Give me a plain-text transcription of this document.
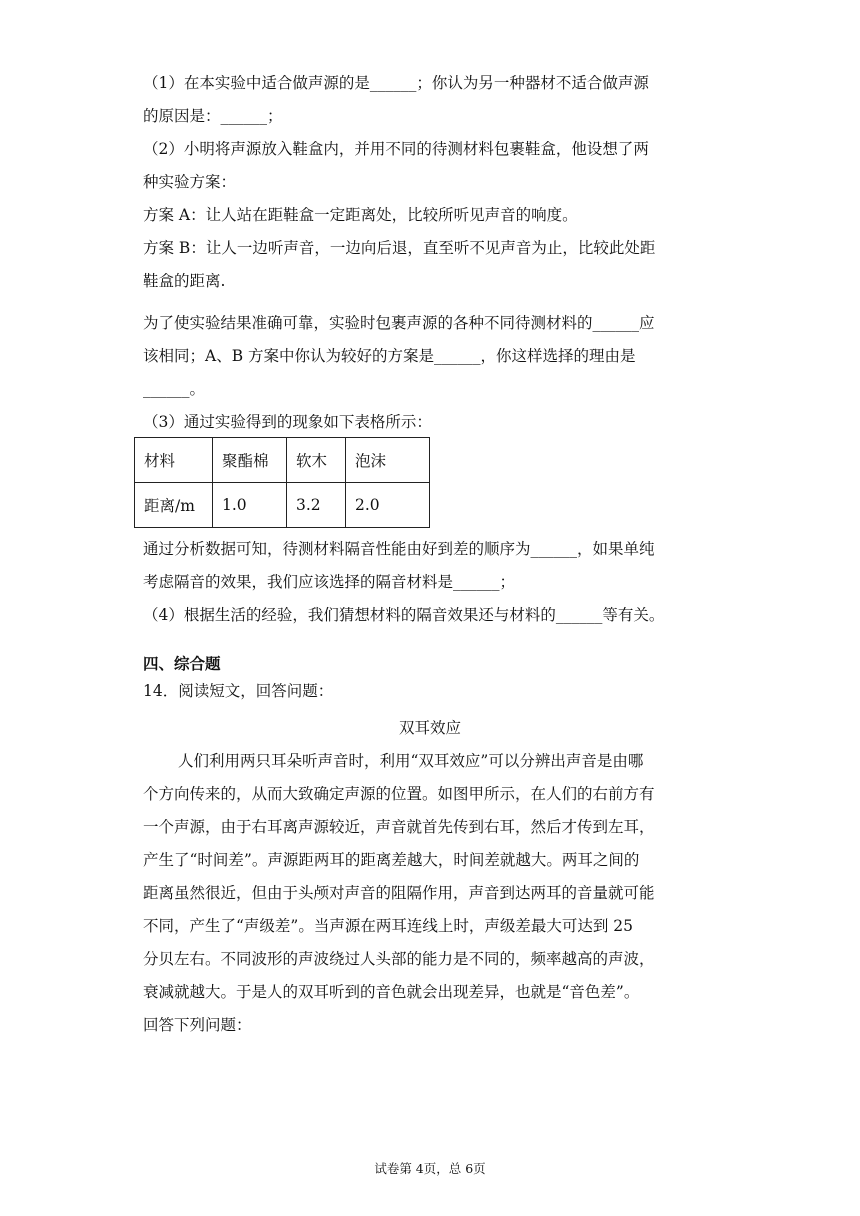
（1）在本实验中适合做声源的是______；你认为另一种器材不适合做声源
的原因是：______；
（2）小明将声源放入鞋盒内，并用不同的待测材料包裹鞋盒，他设想了两
种实验方案：
方案 A：让人站在距鞋盒一定距离处，比较所听见声音的响度。
方案 B：让人一边听声音，一边向后退，直至听不见声音为止，比较此处距
鞋盒的距离.
为了使实验结果准确可靠，实验时包裹声源的各种不同待测材料的______应
该相同；A、B 方案中你认为较好的方案是______，你这样选择的理由是
______。
（3）通过实验得到的现象如下表格所示：
材料	聚酯棉	软木	泡沫
距离/m	1.0	3.2	2.0
通过分析数据可知，待测材料隔音性能由好到差的顺序为______，如果单纯
考虑隔音的效果，我们应该选择的隔音材料是______；
（4）根据生活的经验，我们猜想材料的隔音效果还与材料的______等有关。
四、综合题
14．阅读短文，回答问题：
双耳效应
人们利用两只耳朵听声音时，利用“双耳效应”可以分辨出声音是由哪
个方向传来的，从而大致确定声源的位置。如图甲所示，在人们的右前方有
一个声源，由于右耳离声源较近，声音就首先传到右耳，然后才传到左耳，
产生了“时间差”。声源距两耳的距离差越大，时间差就越大。两耳之间的
距离虽然很近，但由于头颅对声音的阻隔作用，声音到达两耳的音量就可能
不同，产生了“声级差”。当声源在两耳连线上时，声级差最大可达到 25
分贝左右。不同波形的声波绕过人头部的能力是不同的，频率越高的声波，
衰减就越大。于是人的双耳听到的音色就会出现差异，也就是“音色差”。
回答下列问题：
试卷第 4页，总 6页
